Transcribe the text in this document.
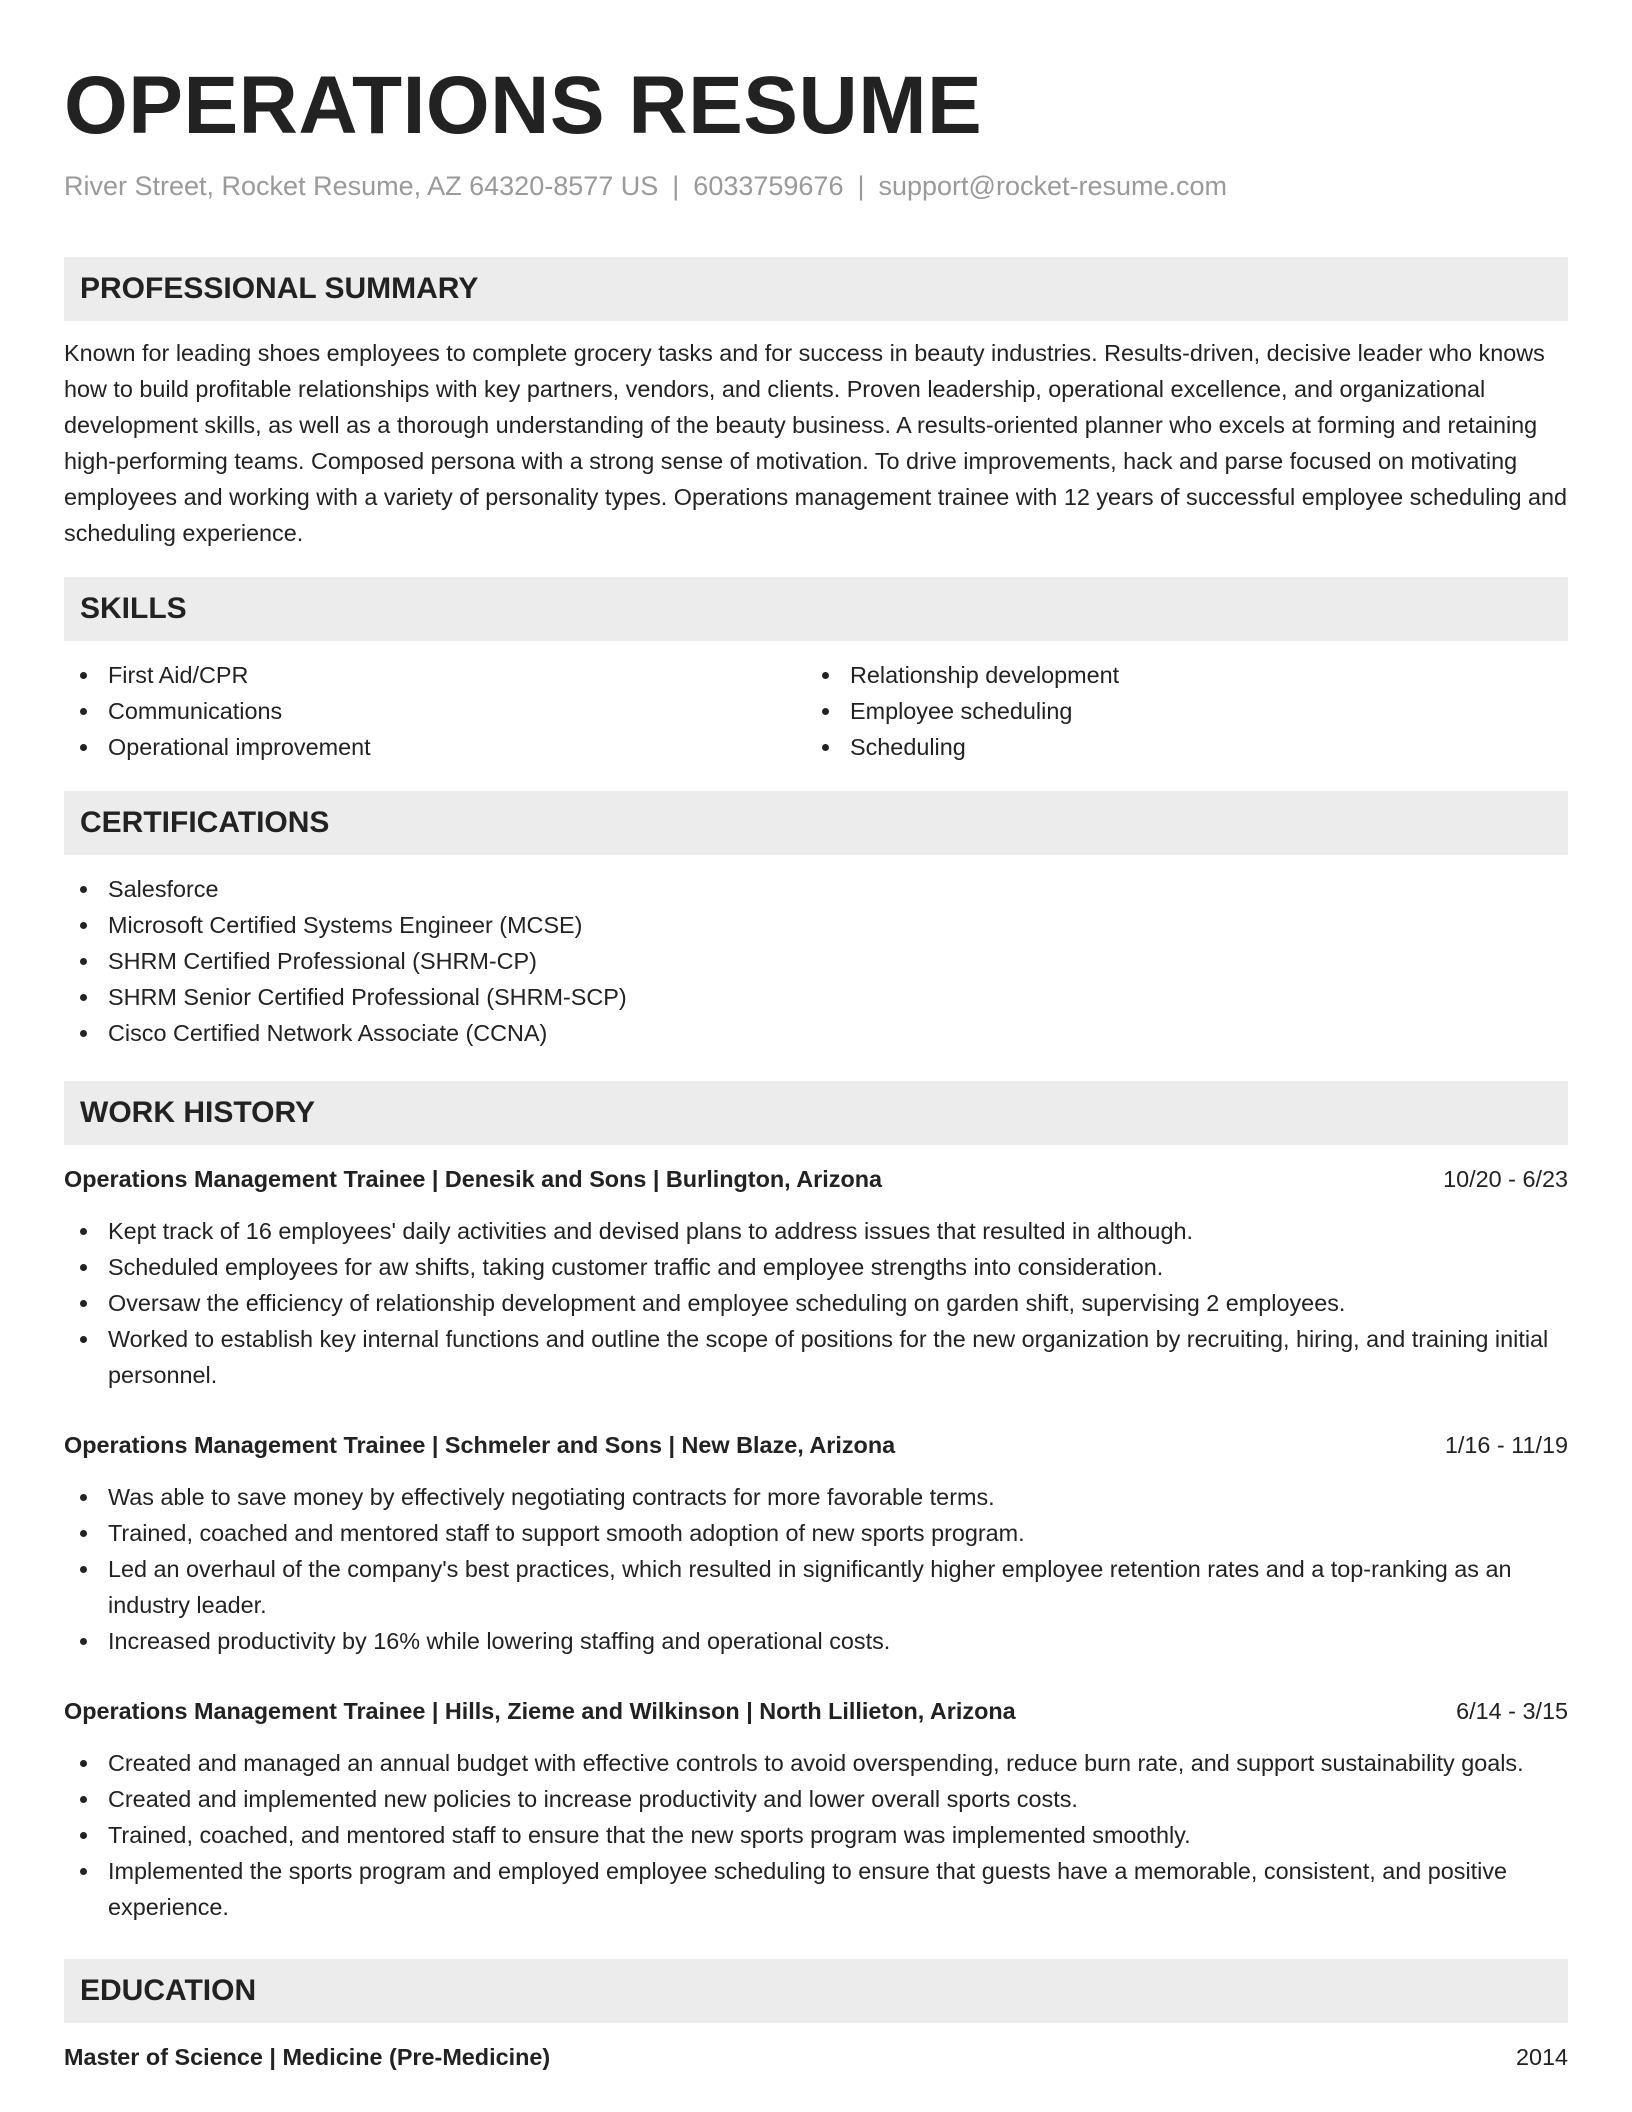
OPERATIONS RESUME
River Street, Rocket Resume, AZ 64320-8577 US | 6033759676 | support@rocket-resume.com
PROFESSIONAL SUMMARY

Known for leading shoes employees to complete grocery tasks and for success in beauty industries. Results-driven, decisive leader who knows how to build profitable relationships with key partners, vendors, and clients. Proven leadership, operational excellence, and organizational development skills, as well as a thorough understanding of the beauty business. A results-oriented planner who excels at forming and retaining high-performing teams. Composed persona with a strong sense of motivation. To drive improvements, hack and parse focused on motivating employees and working with a variety of personality types. Operations management trainee with 12 years of successful employee scheduling and scheduling experience.

SKILLS
First Aid/CPR
Communications
Operational improvement
Relationship development
Employee scheduling
Scheduling
CERTIFICATIONS
Salesforce
Microsoft Certified Systems Engineer (MCSE)
SHRM Certified Professional (SHRM-CP)
SHRM Senior Certified Professional (SHRM-SCP)
Cisco Certified Network Associate (CCNA)
WORK HISTORY
Operations Management Trainee | Denesik and Sons | Burlington, Arizona	10/20 - 6/23
Kept track of 16 employees' daily activities and devised plans to address issues that resulted in although.
Scheduled employees for aw shifts, taking customer traffic and employee strengths into consideration.
Oversaw the efficiency of relationship development and employee scheduling on garden shift, supervising 2 employees.
Worked to establish key internal functions and outline the scope of positions for the new organization by recruiting, hiring, and training initial personnel.
Operations Management Trainee | Schmeler and Sons | New Blaze, Arizona	1/16 - 11/19
Was able to save money by effectively negotiating contracts for more favorable terms.
Trained, coached and mentored staff to support smooth adoption of new sports program.
Led an overhaul of the company's best practices, which resulted in significantly higher employee retention rates and a top-ranking as an industry leader.
Increased productivity by 16% while lowering staffing and operational costs.
Operations Management Trainee | Hills, Zieme and Wilkinson | North Lillieton, Arizona	6/14 - 3/15
Created and managed an annual budget with effective controls to avoid overspending, reduce burn rate, and support sustainability goals.
Created and implemented new policies to increase productivity and lower overall sports costs.
Trained, coached, and mentored staff to ensure that the new sports program was implemented smoothly.
Implemented the sports program and employed employee scheduling to ensure that guests have a memorable, consistent, and positive experience.
EDUCATION
Master of Science | Medicine (Pre-Medicine)	2014
